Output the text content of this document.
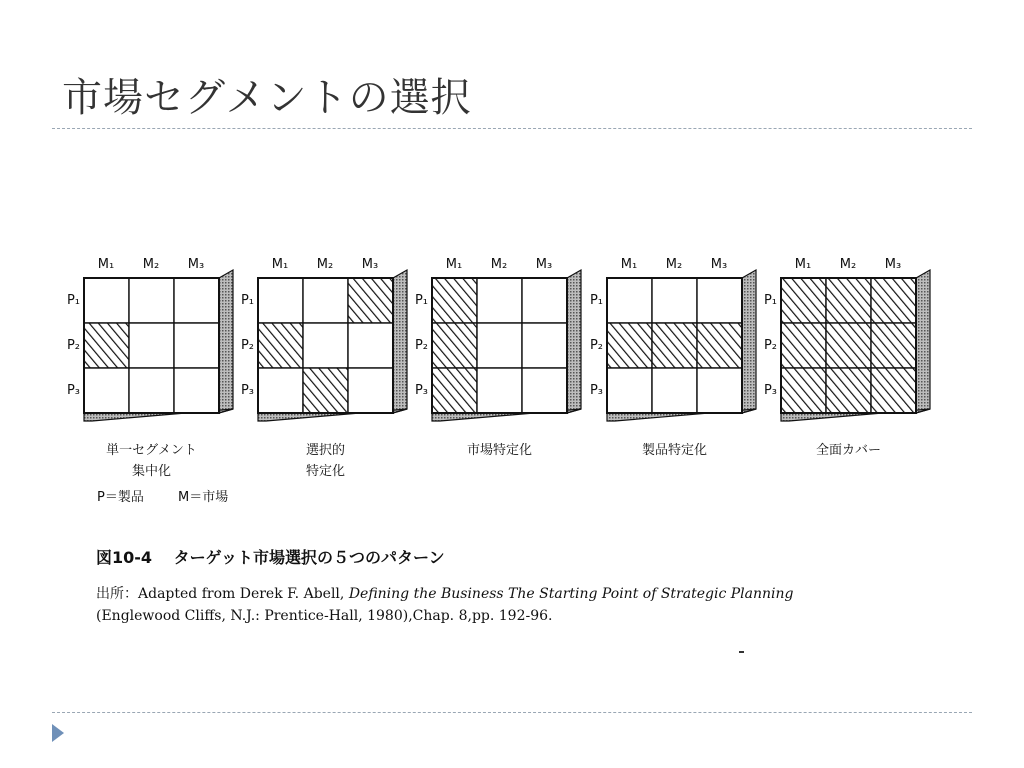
市場セグメントの選択
M₁ M₂ M₃
P₁
P₂
P₃
M₁ M₂ M₃
P₁
P₂
P₃
M₁ M₂ M₃
P₁
P₂
P₃
M₁ M₂ M₃
P₁
P₂
P₃
M₁ M₂ M₃
P₁
P₂
P₃
単一セグメント
集中化
選択的
特定化
市場特定化	製品特定化	全面カバー
P＝製品	M＝市場
図10-4 ターゲット市場選択の５つのパターン
出所：Adapted from Derek F. Abell, Defining the Business The Starting Point of Strategic Planning
(Englewood Cliffs, N.J.: Prentice-Hall, 1980),Chap. 8,pp. 192-96.
